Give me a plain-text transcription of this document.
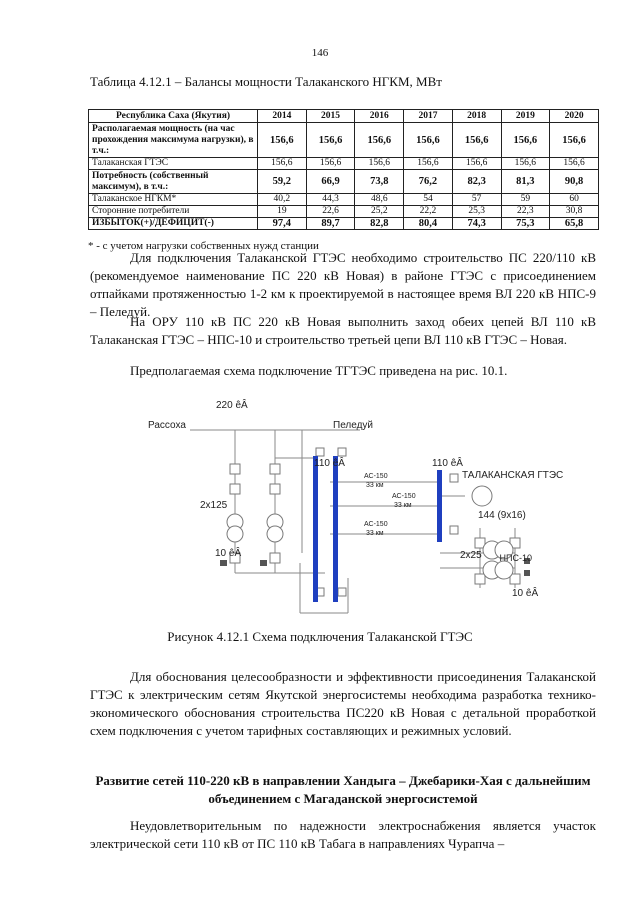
146
Таблица 4.12.1 – Балансы мощности Талаканского НГКМ, МВт
Республика Саха (Якутия)	2014	2015	2016	2017	2018	2019	2020
Располагаемая мощность (на час прохождения максимума нагрузки), в т.ч.:	156,6	156,6	156,6	156,6	156,6	156,6	156,6
Талаканская ГТЭС	156,6	156,6	156,6	156,6	156,6	156,6	156,6
Потребность (собственный максимум), в т.ч.:	59,2	66,9	73,8	76,2	82,3	81,3	90,8
Талаканское НГКМ*	40,2	44,3	48,6	54	57	59	60
Сторонние потребители	19	22,6	25,2	22,2	25,3	22,3	30,8
ИЗБЫТОК(+)/ДЕФИЦИТ(-)	97,4	89,7	82,8	80,4	74,3	75,3	65,8
* - с учетом нагрузки собственных нужд станции
Для подключения Талаканской ГТЭС необходимо строительство ПС 220/110 кВ (рекомендуемое наименование ПС 220 кВ Новая) в районе ГТЭС с присоединением отпайками протяженностью 1-2 км к проектируемой в настоящее время ВЛ 220 кВ НПС-9 – Пеледуй.
На ОРУ 110 кВ ПС 220 кВ Новая выполнить заход обеих цепей ВЛ 110 кВ Талаканская ГТЭС – НПС-10 и строительство третьей цепи ВЛ 110 кВ ГТЭС – Новая.
Предполагаемая схема подключение ТГТЭС приведена на рис. 10.1.
220 êÂ
Рассоха	Пеледуй
110 êÂ	110 êÂ
ТАЛАКАНСКАЯ ГТЭС
2х125
10 êÂ
144 (9х16)
2х25 НПС-10
10 êÂ
АС-150
33 км
АС-150
33 км
АС-150
33 км
Рисунок 4.12.1 Схема подключения Талаканской ГТЭС
Для обоснования целесообразности и эффективности присоединения Талаканской ГТЭС к электрическим сетям Якутской энергосистемы необходима разработка технико-экономического обоснования строительства ПС220 кВ Новая с детальной проработкой схем подключения с учетом тарифных составляющих и режимных условий.
Развитие сетей 110-220 кВ в направлении Хандыга – Джебарики-Хая с дальнейшим объединением с Магаданской энергосистемой
Неудовлетворительным по надежности электроснабжения является участок электрической сети 110 кВ от ПС 110 кВ Табага в направлениях Чурапча –
